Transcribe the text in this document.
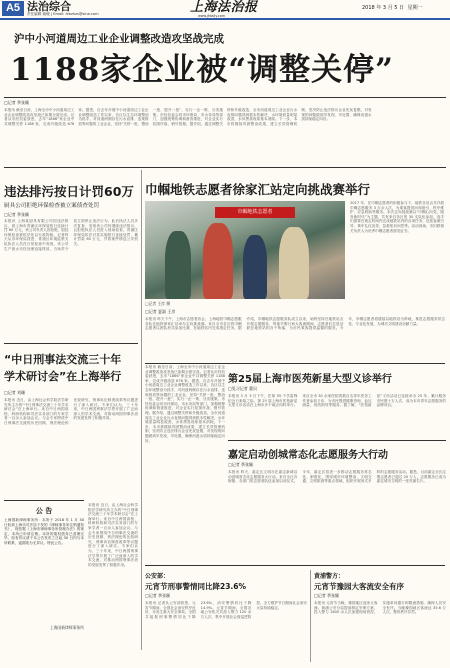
A5 法治综合
责任编辑 姚峻 | Email: fzbzhzs@sina.com	上海法治报
www.jfdaily.com
2018 年 3 月 5 日 星期一
沪中小河道周边工业企业调整改造攻坚战完成
1188家企业被“调整关停”
□记者 季张颖
本报讯 截至日前，上海全市中小河道周边工业企业调整改造攻坚战已如期全面完成。记者从市经信委获悉，去年“1866”家企业中共调整关停 1188 家，完成升级改造 678 家。据悉，自去年开展中小河道周边工业企业调整改造工作以来，各区以生态环境整治为抓手，对河道两侧存在污水直排、违规排放等问题的工业企业，坚持“关停一批、整治一批、提升一批”，实行一企一策、分类施策。市经信委会同市环保局、市水务局等部门，加强统筹协调和督查推进，对企业实行挂图作战、销号管理。据介绍，通过调整关停和升级改造，全市河道周边工业企业污水直排问题得到根本性解决，水环境质量明显改善，水体黑臭现象基本消除。下一步，本市将继续巩固整治成果，建立长效管理机制，坚决防止违法排污企业死灰复燃，对发现的问题做到早发现、早处置，确保河道水质持续稳定向好。
违法排污按日计罚60万
厨具公司拒绝环保检查被立案侦查处罚
□记者 季张颖
本报讯 上海某厨具有限公司因违法排污，被上海市青浦区环保局按日连续计罚 60 万元，该公司负责人因拒绝、阻挠环保检查被依法处以行政拘留。记者昨天从市环保局获悉，青浦区环境监察支队执法人员在日常检查中发现，该公司生产废水未经处理直接排放，当场责令其立即停止违法行为。此后执法人员多次复查，发现该公司仍继续违法排污，且拒绝执法人员进入现场检查。青浦区环保局依法对其实施按日连续处罚，累计罚款 60 万元，并将案件移送公安机关。
“中日刑事法交流三十年
学术研讨会”在上海举行
□记者 刘珊
本报讯 近日，由上海社会科学院法学研究所主办的“中日刑事法交流三十年学术研讨会”在上海举行。来自中日两国高校、科研机构和司法实务部门的专家学者一百余人参加会议。与会专家围绕中日刑事法交流的历史回顾、刑法理论的比较研究、刑事诉讼制度改革等议题进行了深入研讨。专家们认为，三十年来，中日两国刑事法学界开展了广泛而深入的学术交流，对推动两国刑事法治的发展发挥了积极作用。
公 告
上海国新律师事务所：本所于 2018 年 1 月 30 日收到上海市司法局下发的《律师事务所注销通知书》，现依据《上海市律师事务所管理办法》的规定，本所已申请注销。本所的债权债务已清理完毕，如有异议请于本公告发布之日起 30 日内与本所联系，逾期视为无异议。特此公告。
上海国新律师事务所
本报讯 近日，由上海社会科学院法学研究所主办的“中日刑事法交流三十年学术研讨会”在上海举行。来自中日两国高校、科研机构和司法实务部门的专家学者一百余人参加会议。与会专家围绕中日刑事法交流的历史回顾、刑法理论的比较研究、刑事诉讼制度改革等议题进行了深入研讨。专家们认为，三十年来，中日两国刑事法学界开展了广泛而深入的学术交流，对推动两国刑事法治的发展发挥了积极作用。
本报讯 截至日前，上海全市中小河道周边工业企业调整改造攻坚战已如期全面完成。记者从市经信委获悉，去年“1866”家企业中共调整关停 1188 家，完成升级改造 678 家。据悉，自去年开展中小河道周边工业企业调整改造工作以来，各区以生态环境整治为抓手，对河道两侧存在污水直排、违规排放等问题的工业企业，坚持“关停一批、整治一批、提升一批”，实行一企一策、分类施策。市经信委会同市环保局、市水务局等部门，加强统筹协调和督查推进，对企业实行挂图作战、销号管理。据介绍，通过调整关停和升级改造，全市河道周边工业企业污水直排问题得到根本性解决，水环境质量明显改善，水体黑臭现象基本消除。下一步，本市将继续巩固整治成果，建立长效管理机制，坚决防止违法排污企业死灰复燃，对发现的问题做到早发现、早处置，确保河道水质持续稳定向好。
巾帼地铁志愿者徐家汇站定向挑战赛举行
巾帼地铁志愿者
□记者 王彦 摄
2017 年，在巾帼志愿者的积极参与下，地铁各站点共开展巾帼志愿服务 3 万余人次，为乘客提供问询指引、秩序维护、应急救助等服务。本次定向挑战赛以“巾帼心向党、服务新时代”为主题，共有来自各区的 30 支队伍参加。选手们需要在规定时间内完成地铁站内的各项任务，包括客流引导、乘车礼仪宣传、急救知识问答等。活动现场，市妇联相关负责人为优秀巾帼志愿者颁发证书。
□记者 夏淑 王彦
本报讯 昨天下午，上海市志愿者协会、上海地铁巾帼志愿服务队在地铁徐家汇站举办定向挑战赛。来自全市各区的巾帼志愿者以团队形式参加比赛，在地铁站内完成指定任务。据介绍，巾帼地铁志愿服务队成立以来，始终坚持在地铁站点开展志愿服务，每逢节假日和大客流期间，志愿者们总是活跃在地铁站的各个角落，为市民乘客提供温馨的服务。今年，巾帼志愿者将继续以地铁站为阵地，推进志愿服务常态化、专业化发展，为城市文明建设贡献力量。
第25届上海市医苑新星大型义诊举行
□见习记者 董贝
本报讯 3 月 3 日下午，在第 55 个学雷锋纪念日来临之际，第 25 届上海市医苑新星大型义诊活动在上海市多个地点同时举行。来自全市 30 余家医院的数百名青年医务工作者参加义诊，为市民提供健康咨询、血压测量、用药指导等服务。据了解，“医苑新星”义诊活动已连续举办 25 年，累计服务市民数十万人次，成为本市青年志愿服务的品牌项目。
嘉定启动创城常态化志愿服务大行动
□记者 季张颖
本报讯 昨天，嘉定区文明办在嘉定新城启动创城常态化志愿服务大行动。来自全区各街镇、各部门的志愿者队伍参加启动仪式。今年，嘉定区将进一步推动志愿服务常态化、制度化，围绕城市环境整治、文明交通、文明旅游等重点领域，组织开展形式多样的志愿服务活动。据悉，目前嘉定全区注册志愿者已超过 20 万人，志愿服务已成为嘉定城市文明的一张亮丽名片。
公安部：
元宵节刑事警情同比降23.6%
□记者 季张颖
本报讯 记者从公安部获悉，元宵节期间，全国社会治安秩序良好，未发生重大安全事故。全国共接报刑事警情同比下降 23.6%，治安警情同比下降 14.9%。元宵节期间，全国各地公安机关共投入警力 120 余万人次，集中开展社会面巡逻防控，全力维护节日期间社会治安大局持续稳定。
黄浦警方：
元宵节豫园大客流安全有序
□记者 季张颖
本报讯 元宵节当晚，豫园地区迎来大客流。黄浦公安分局提前制定安保方案，投入警力 1600 余人次加强现场管控，实施单向通行和限流措施，确保人员安全有序。当晚豫园地区客流达 35.6 万人次，整体秩序井然。
